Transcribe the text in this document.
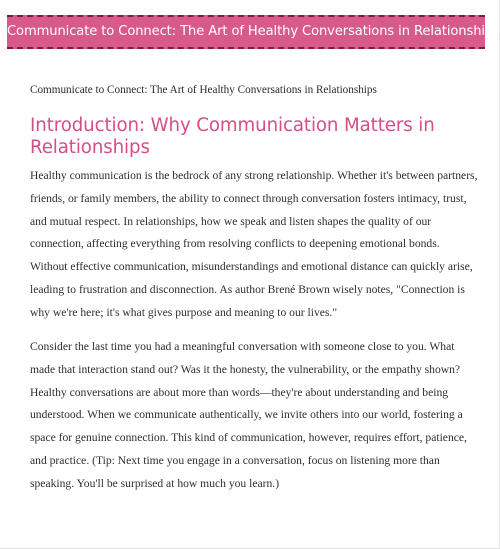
Communicate to Connect: The Art of Healthy Conversations in Relationships

Communicate to Connect: The Art of Healthy Conversations in Relationships

Introduction: Why Communication Matters in Relationships

Healthy communication is the bedrock of any strong relationship. Whether it's between partners, friends, or family members, the ability to connect through conversation fosters intimacy, trust, and mutual respect. In relationships, how we speak and listen shapes the quality of our connection, affecting everything from resolving conflicts to deepening emotional bonds. Without effective communication, misunderstandings and emotional distance can quickly arise, leading to frustration and disconnection. As author Brené Brown wisely notes, "Connection is why we're here; it's what gives purpose and meaning to our lives."

Consider the last time you had a meaningful conversation with someone close to you. What made that interaction stand out? Was it the honesty, the vulnerability, or the empathy shown? Healthy conversations are about more than words—they're about understanding and being understood. When we communicate authentically, we invite others into our world, fostering a space for genuine connection. This kind of communication, however, requires effort, patience, and practice. (Tip: Next time you engage in a conversation, focus on listening more than speaking. You'll be surprised at how much you learn.)
